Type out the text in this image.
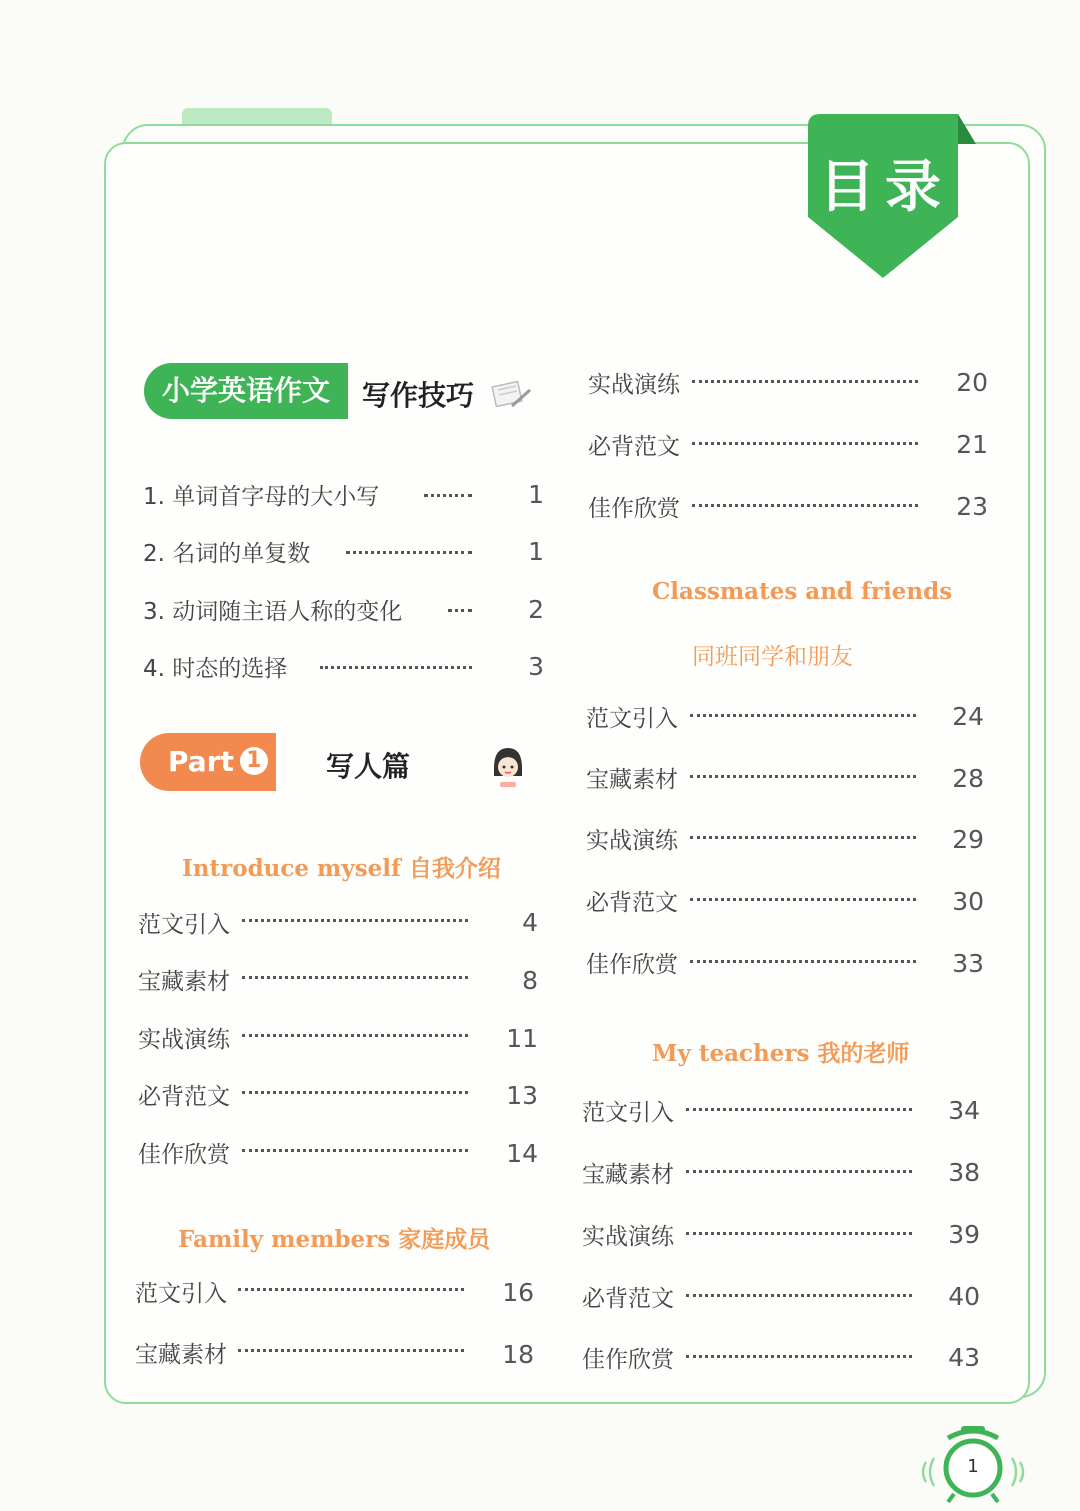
目录
小学英语作文	写作技巧
1. 单词首字母的大小写	1
2. 名词的单复数	1
3. 动词随主语人称的变化	2
4. 时态的选择	3
Part 1	写人篇
Introduce myself 自我介绍
范文引入	4
宝藏素材	8
实战演练	11
必背范文	13
佳作欣赏	14
Family members 家庭成员
范文引入	16
宝藏素材	18
实战演练	20
必背范文	21
佳作欣赏	23
Classmates and friends
同班同学和朋友
范文引入	24
宝藏素材	28
实战演练	29
必背范文	30
佳作欣赏	33
My teachers 我的老师
范文引入	34
宝藏素材	38
实战演练	39
必背范文	40
佳作欣赏	43
1
